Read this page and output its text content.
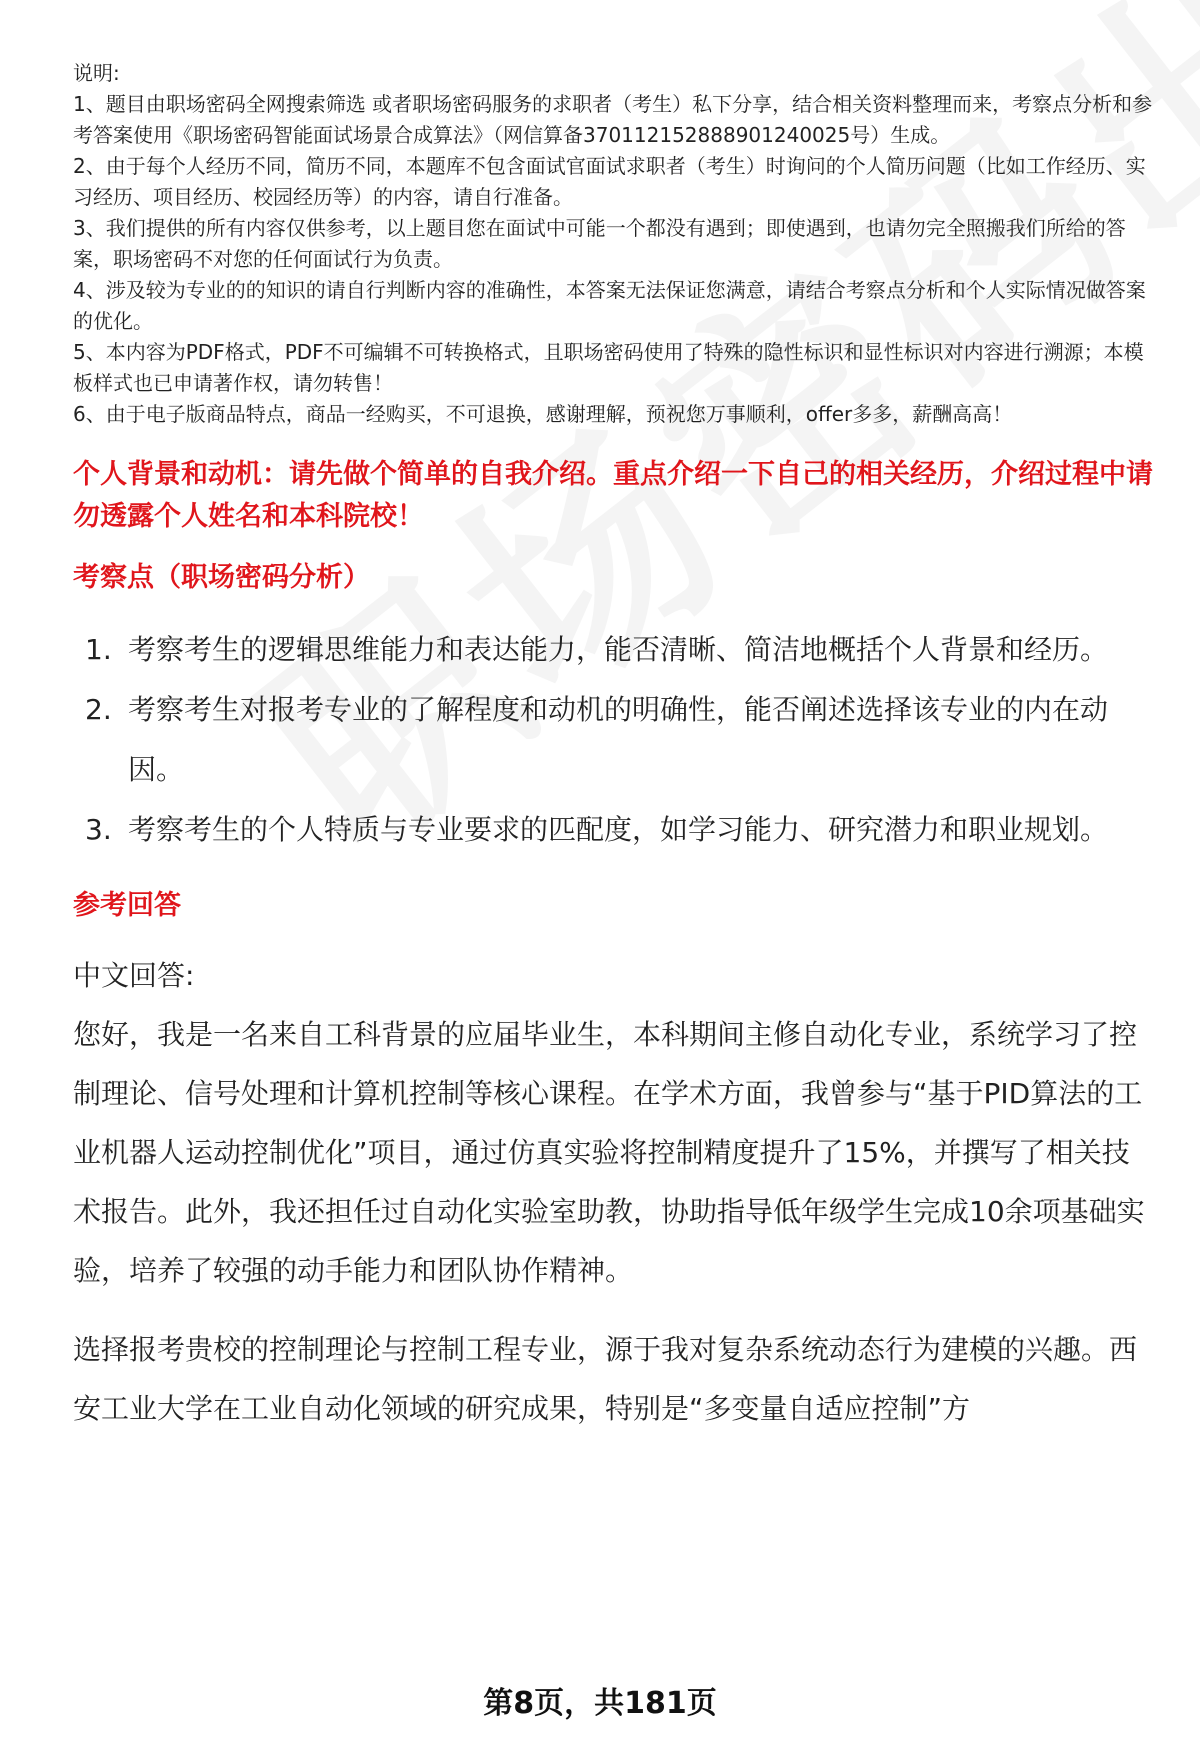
说明:

1、题目由职场密码全网搜索筛选 或者职场密码服务的求职者（考生）私下分享，结合相关资料整理而来，考察点分析和参考答案使用《职场密码智能面试场景合成算法》（网信算备370112152888901240025号）生成。

2、由于每个人经历不同，简历不同，本题库不包含面试官面试求职者（考生）时询问的个人简历问题（比如工作经历、实习经历、项目经历、校园经历等）的内容，请自行准备。

3、我们提供的所有内容仅供参考，以上题目您在面试中可能一个都没有遇到；即使遇到，也请勿完全照搬我们所给的答案，职场密码不对您的任何面试行为负责。

4、涉及较为专业的的知识的请自行判断内容的准确性，本答案无法保证您满意，请结合考察点分析和个人实际情况做答案的优化。

5、本内容为PDF格式，PDF不可编辑不可转换格式，且职场密码使用了特殊的隐性标识和显性标识对内容进行溯源；本模板样式也已申请著作权，请勿转售！

6、由于电子版商品特点，商品一经购买，不可退换，感谢理解，预祝您万事顺利，offer多多，薪酬高高！

个人背景和动机：请先做个简单的自我介绍。重点介绍一下自己的相关经历，介绍过程中请勿透露个人姓名和本科院校！
考察点（职场密码分析）
1. 考察考生的逻辑思维能力和表达能力，能否清晰、简洁地概括个人背景和经历。
2. 考察考生对报考专业的了解程度和动机的明确性，能否阐述选择该专业的内在动因。
3. 考察考生的个人特质与专业要求的匹配度，如学习能力、研究潜力和职业规划。
参考回答

中文回答:

您好，我是一名来自工科背景的应届毕业生，本科期间主修自动化专业，系统学习了控制理论、信号处理和计算机控制等核心课程。在学术方面，我曾参与“基于PID算法的工业机器人运动控制优化”项目，通过仿真实验将控制精度提升了15%，并撰写了相关技术报告。此外，我还担任过自动化实验室助教，协助指导低年级学生完成10余项基础实验，培养了较强的动手能力和团队协作精神。

选择报考贵校的控制理论与控制工程专业，源于我对复杂系统动态行为建模的兴趣。西安工业大学在工业自动化领域的研究成果，特别是“多变量自适应控制”方

第8页，共181页
